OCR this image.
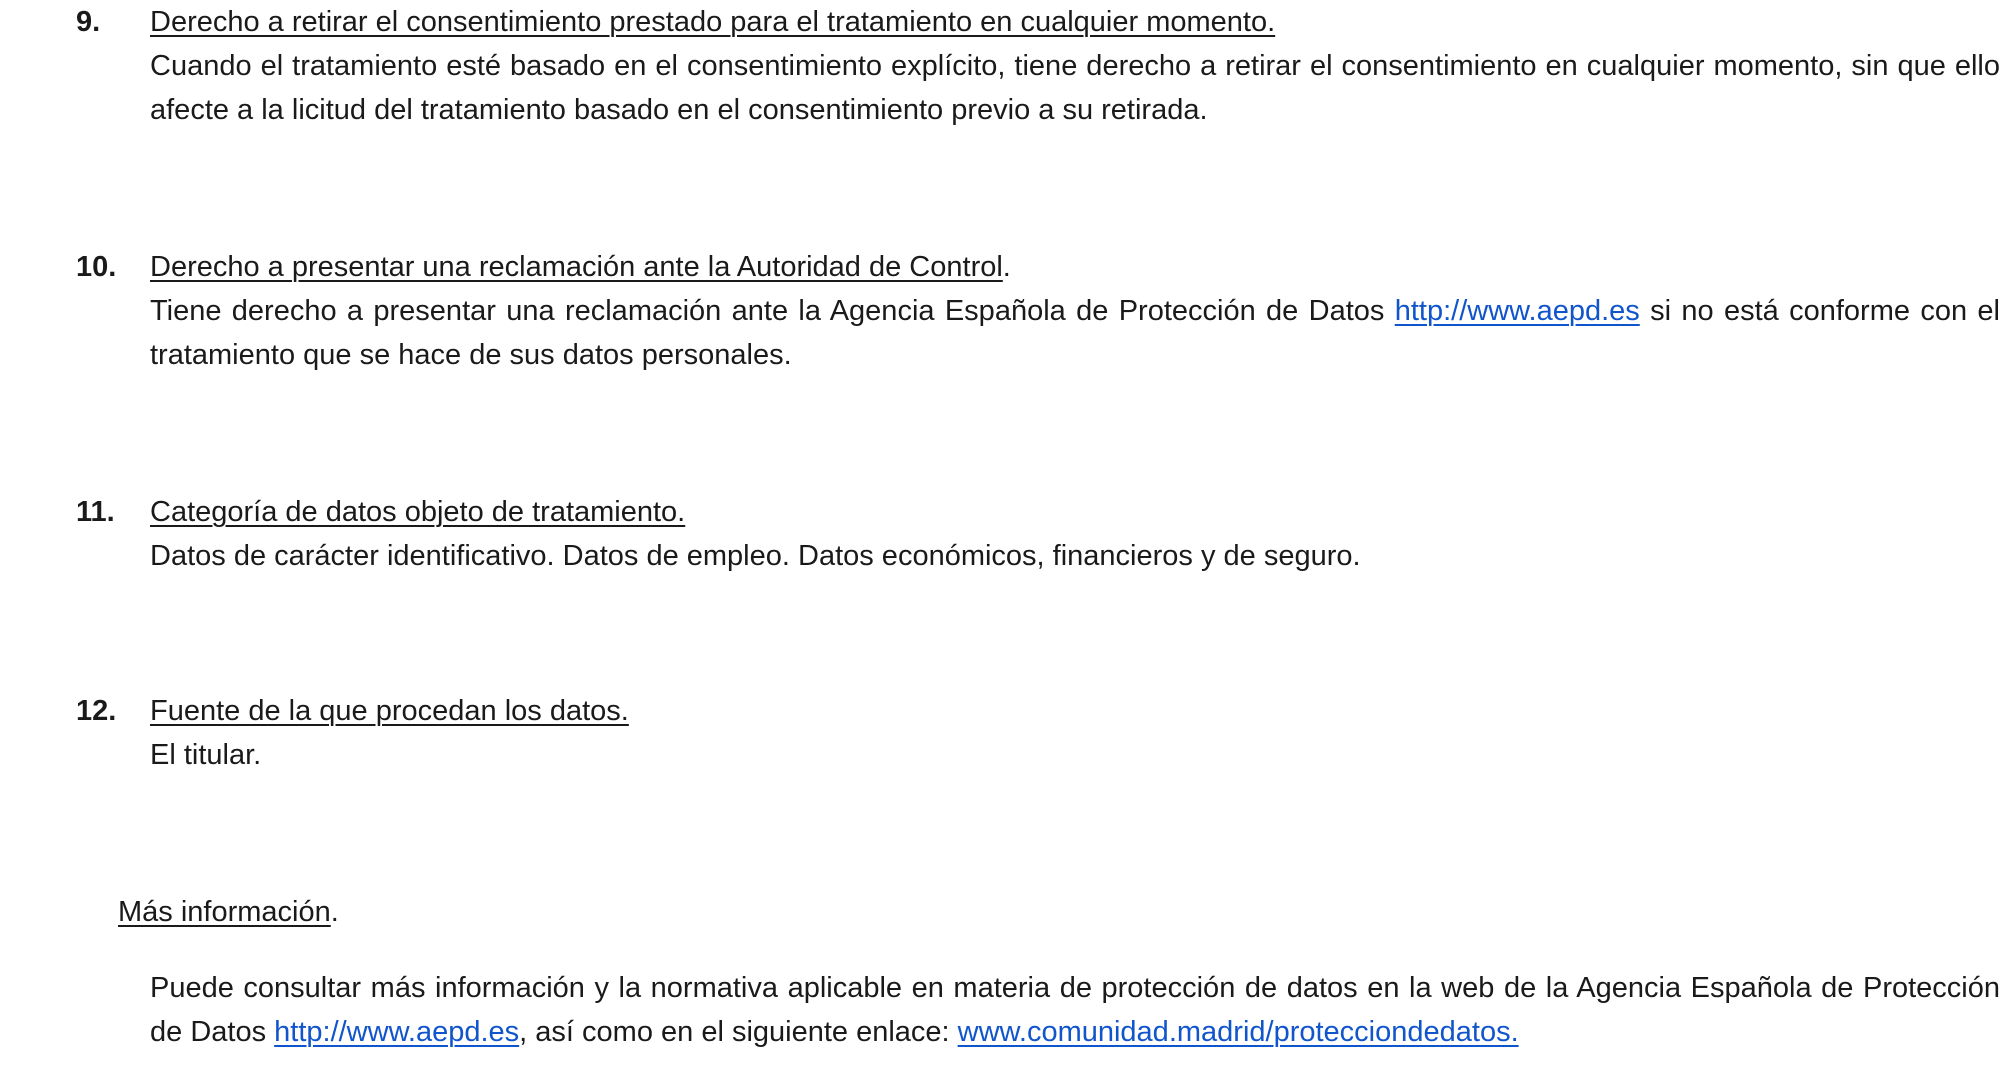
9. Derecho a retirar el consentimiento prestado para el tratamiento en cualquier momento.
Cuando el tratamiento esté basado en el consentimiento explícito, tiene derecho a retirar el consentimiento en cualquier momento, sin que ello afecte a la licitud del tratamiento basado en el consentimiento previo a su retirada.
10. Derecho a presentar una reclamación ante la Autoridad de Control.
Tiene derecho a presentar una reclamación ante la Agencia Española de Protección de Datos http://www.aepd.es si no está conforme con el tratamiento que se hace de sus datos personales.
11. Categoría de datos objeto de tratamiento.
Datos de carácter identificativo. Datos de empleo. Datos económicos, financieros y de seguro.
12. Fuente de la que procedan los datos.
El titular.
Más información.
Puede consultar más información y la normativa aplicable en materia de protección de datos en la web de la Agencia Española de Protección de Datos http://www.aepd.es, así como en el siguiente enlace: www.comunidad.madrid/protecciondedatos.
